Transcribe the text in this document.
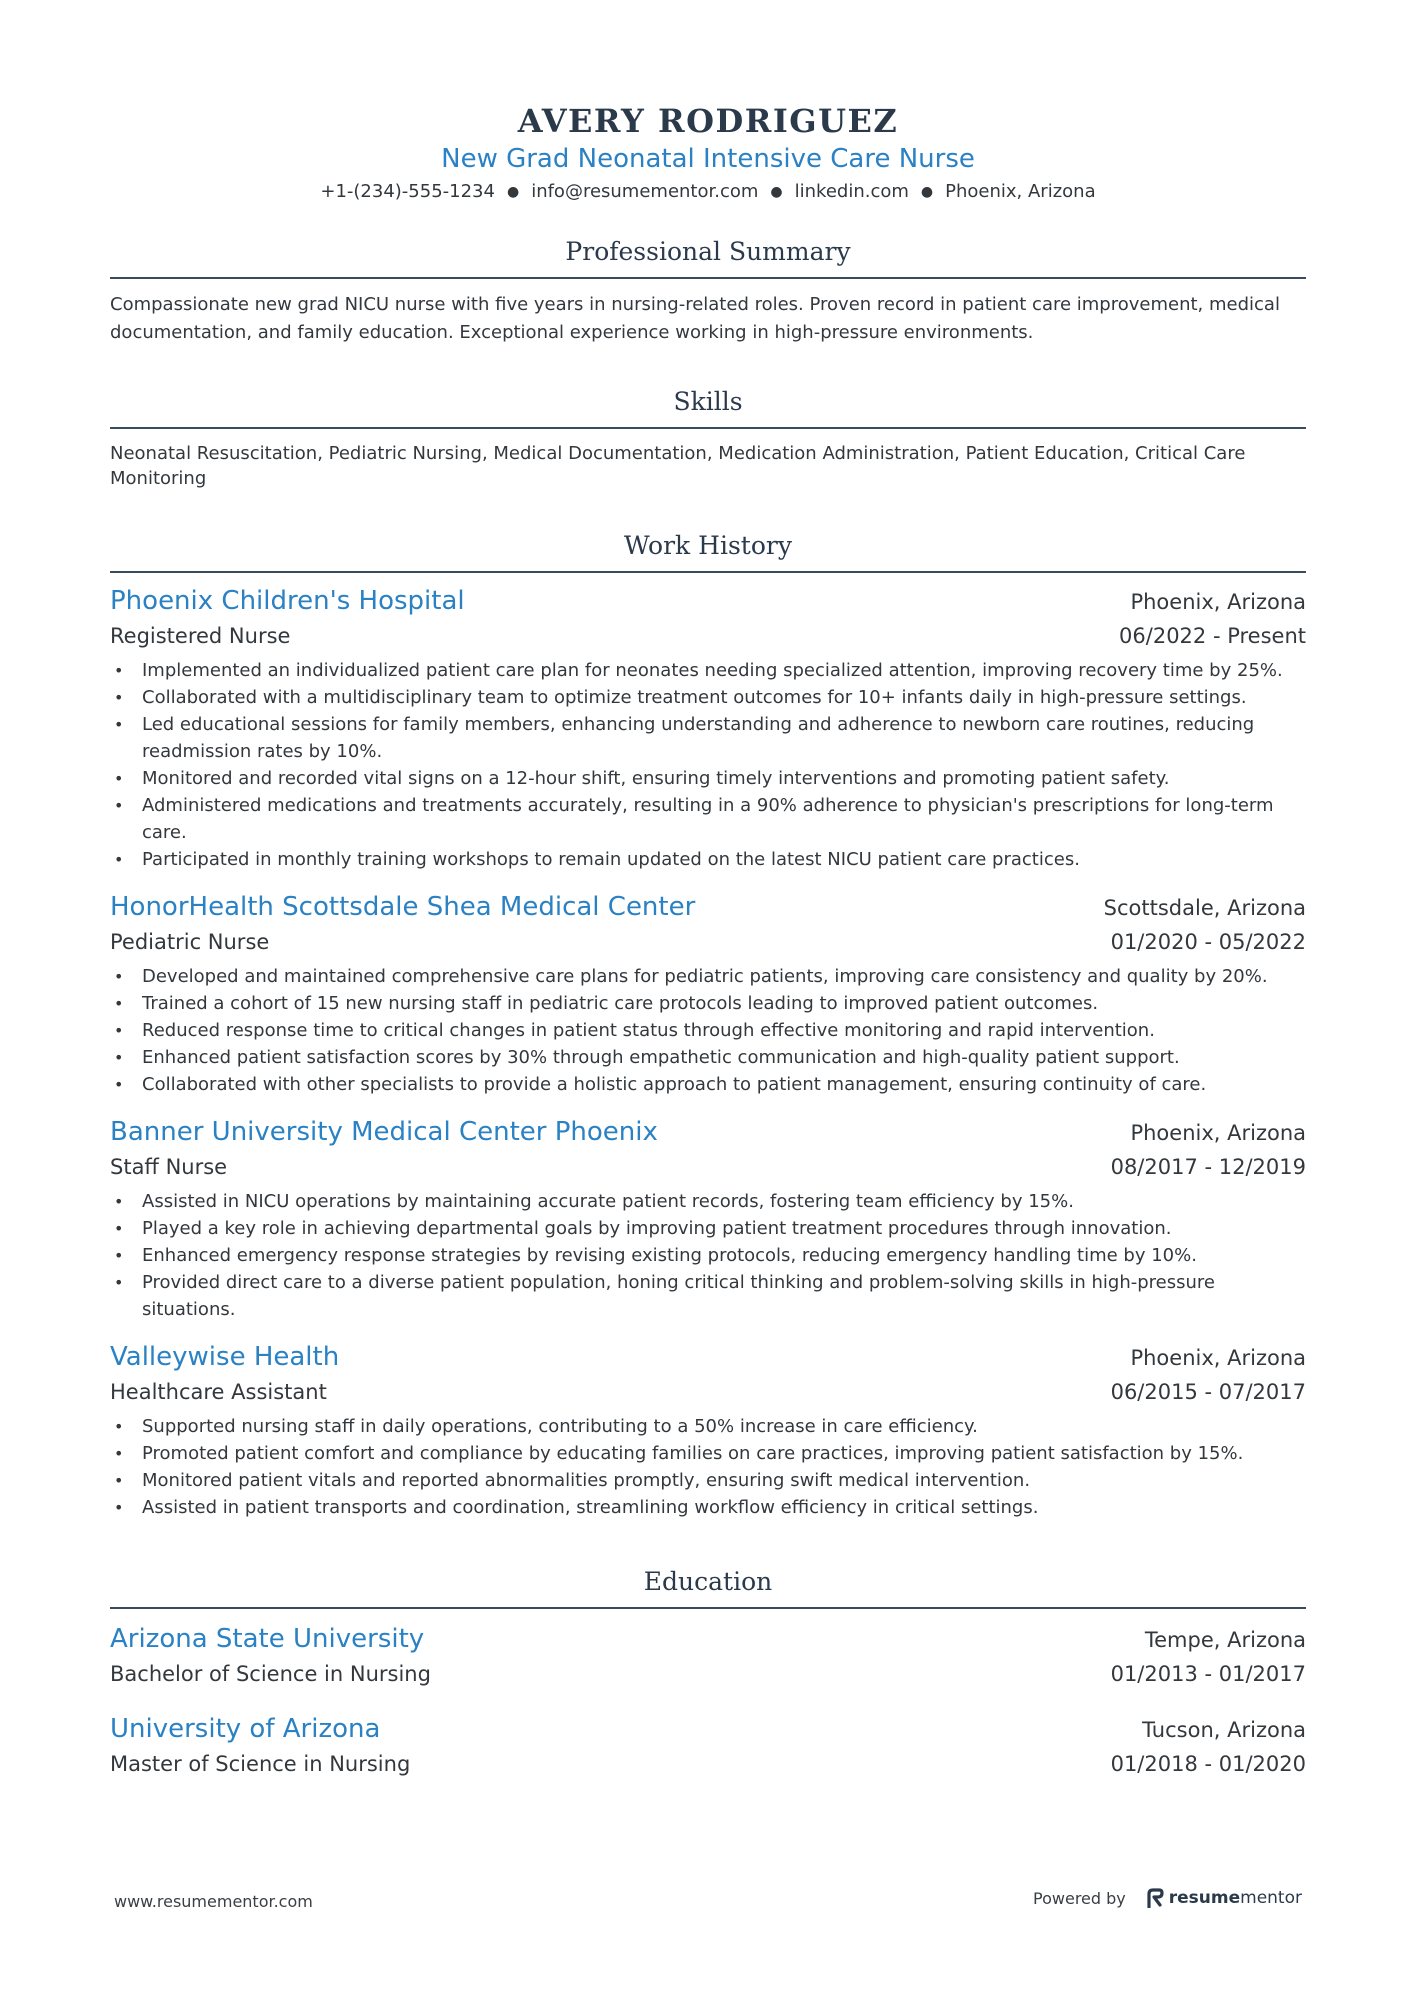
AVERY RODRIGUEZ
New Grad Neonatal Intensive Care Nurse
+1-(234)-555-1234 ● info@resumementor.com ● linkedin.com ● Phoenix, Arizona
Professional Summary
Compassionate new grad NICU nurse with five years in nursing-related roles. Proven record in patient care improvement, medical documentation, and family education. Exceptional experience working in high-pressure environments.
Skills
Neonatal Resuscitation, Pediatric Nursing, Medical Documentation, Medication Administration, Patient Education, Critical Care Monitoring
Work History
Phoenix Children's Hospital	Phoenix, Arizona
Registered Nurse	06/2022 - Present
• Implemented an individualized patient care plan for neonates needing specialized attention, improving recovery time by 25%.
• Collaborated with a multidisciplinary team to optimize treatment outcomes for 10+ infants daily in high-pressure settings.
• Led educational sessions for family members, enhancing understanding and adherence to newborn care routines, reducing readmission rates by 10%.
• Monitored and recorded vital signs on a 12-hour shift, ensuring timely interventions and promoting patient safety.
• Administered medications and treatments accurately, resulting in a 90% adherence to physician's prescriptions for long-term care.
• Participated in monthly training workshops to remain updated on the latest NICU patient care practices.
HonorHealth Scottsdale Shea Medical Center	Scottsdale, Arizona
Pediatric Nurse	01/2020 - 05/2022
• Developed and maintained comprehensive care plans for pediatric patients, improving care consistency and quality by 20%.
• Trained a cohort of 15 new nursing staff in pediatric care protocols leading to improved patient outcomes.
• Reduced response time to critical changes in patient status through effective monitoring and rapid intervention.
• Enhanced patient satisfaction scores by 30% through empathetic communication and high-quality patient support.
• Collaborated with other specialists to provide a holistic approach to patient management, ensuring continuity of care.
Banner University Medical Center Phoenix	Phoenix, Arizona
Staff Nurse	08/2017 - 12/2019
• Assisted in NICU operations by maintaining accurate patient records, fostering team efficiency by 15%.
• Played a key role in achieving departmental goals by improving patient treatment procedures through innovation.
• Enhanced emergency response strategies by revising existing protocols, reducing emergency handling time by 10%.
• Provided direct care to a diverse patient population, honing critical thinking and problem-solving skills in high-pressure situations.
Valleywise Health	Phoenix, Arizona
Healthcare Assistant	06/2015 - 07/2017
• Supported nursing staff in daily operations, contributing to a 50% increase in care efficiency.
• Promoted patient comfort and compliance by educating families on care practices, improving patient satisfaction by 15%.
• Monitored patient vitals and reported abnormalities promptly, ensuring swift medical intervention.
• Assisted in patient transports and coordination, streamlining workflow efficiency in critical settings.
Education
Arizona State University	Tempe, Arizona
Bachelor of Science in Nursing	01/2013 - 01/2017
University of Arizona	Tucson, Arizona
Master of Science in Nursing	01/2018 - 01/2020
www.resumementor.com	Powered by	resumementor
